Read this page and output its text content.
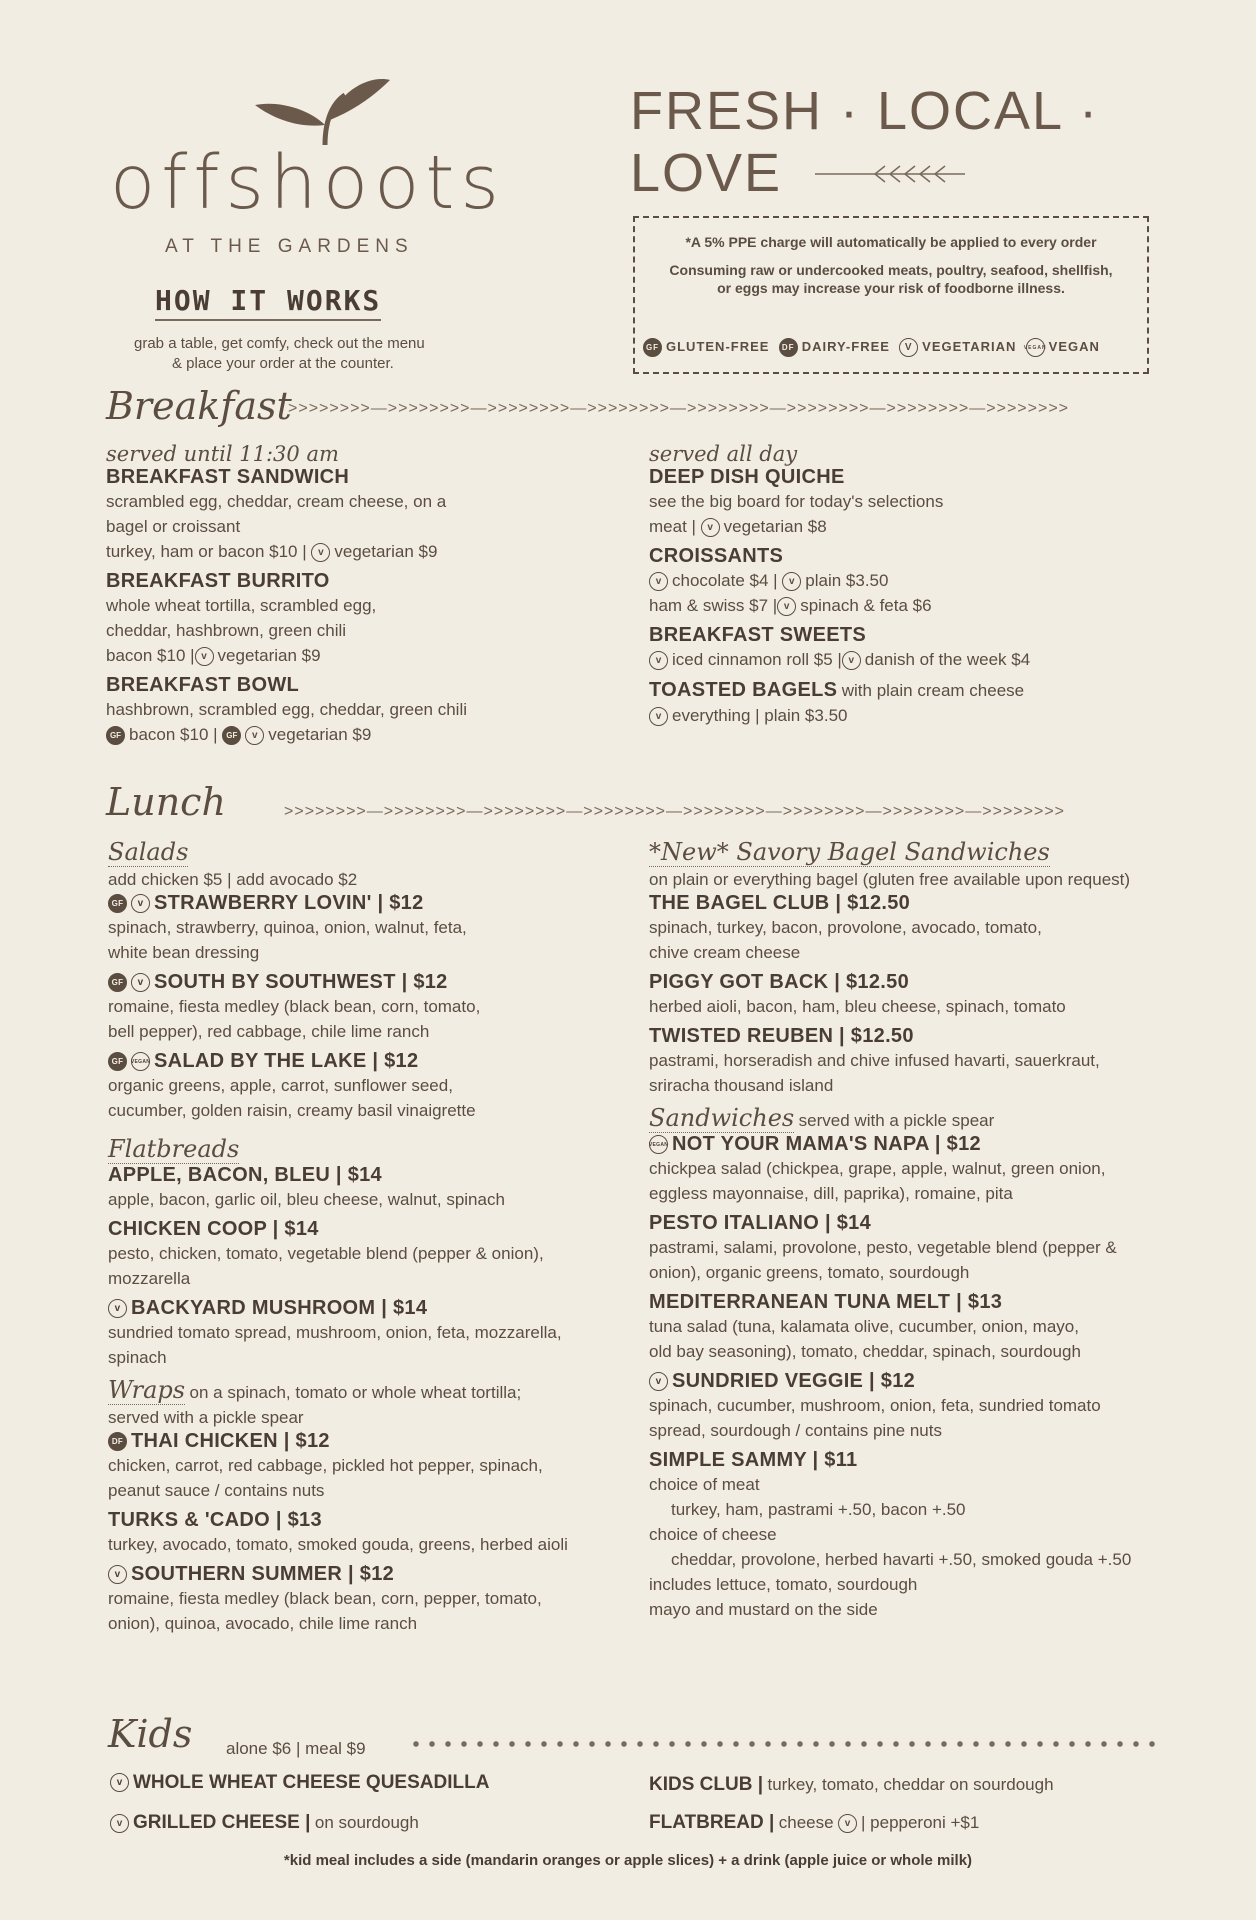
offshoots
AT THE GARDENS
HOW IT WORKS
grab a table, get comfy, check out the menu
& place your order at the counter.
FRESH · LOCAL · LOVE
*A 5% PPE charge will automatically be applied to every order
Consuming raw or undercooked meats, poultry, seafood, shellfish,
or eggs may increase your risk of foodborne illness.
GF GLUTEN-FREE DF DAIRY-FREE V VEGETARIAN VEGAN VEGAN
Breakfast
>>>>>>>>—>>>>>>>>—>>>>>>>>—>>>>>>>>—>>>>>>>>—>>>>>>>>—>>>>>>>>—>>>>>>>>
served until 11:30 am
BREAKFAST SANDWICH
scrambled egg, cheddar, cream cheese, on a
bagel or croissant
turkey, ham or bacon $10 | v vegetarian $9
BREAKFAST BURRITO
whole wheat tortilla, scrambled egg,
cheddar, hashbrown, green chili
bacon $10 | v vegetarian $9
BREAKFAST BOWL
hashbrown, scrambled egg, cheddar, green chili
GF bacon $10 | GF v vegetarian $9
served all day
DEEP DISH QUICHE
see the big board for today's selections
meat | v vegetarian $8
CROISSANTS
v chocolate $4 | v plain $3.50
ham & swiss $7 | v spinach & feta $6
BREAKFAST SWEETS
v iced cinnamon roll $5 | v danish of the week $4
TOASTED BAGELS with plain cream cheese
v everything | plain $3.50
Lunch	>>>>>>>>—>>>>>>>>—>>>>>>>>—>>>>>>>>—>>>>>>>>—>>>>>>>>—>>>>>>>>—>>>>>>>>
Salads
add chicken $5 | add avocado $2
GF v STRAWBERRY LOVIN' | $12
spinach, strawberry, quinoa, onion, walnut, feta,
white bean dressing
GF v SOUTH BY SOUTHWEST | $12
romaine, fiesta medley (black bean, corn, tomato,
bell pepper), red cabbage, chile lime ranch
GF VEGAN SALAD BY THE LAKE | $12
organic greens, apple, carrot, sunflower seed,
cucumber, golden raisin, creamy basil vinaigrette
Flatbreads
APPLE, BACON, BLEU | $14
apple, bacon, garlic oil, bleu cheese, walnut, spinach
CHICKEN COOP | $14
pesto, chicken, tomato, vegetable blend (pepper & onion),
mozzarella
v BACKYARD MUSHROOM | $14
sundried tomato spread, mushroom, onion, feta, mozzarella,
spinach
Wraps on a spinach, tomato or whole wheat tortilla;
served with a pickle spear
DF THAI CHICKEN | $12
chicken, carrot, red cabbage, pickled hot pepper, spinach,
peanut sauce / contains nuts
TURKS & 'CADO | $13
turkey, avocado, tomato, smoked gouda, greens, herbed aioli
v SOUTHERN SUMMER | $12
romaine, fiesta medley (black bean, corn, pepper, tomato,
onion), quinoa, avocado, chile lime ranch
*New* Savory Bagel Sandwiches
on plain or everything bagel (gluten free available upon request)
THE BAGEL CLUB | $12.50
spinach, turkey, bacon, provolone, avocado, tomato,
chive cream cheese
PIGGY GOT BACK | $12.50
herbed aioli, bacon, ham, bleu cheese, spinach, tomato
TWISTED REUBEN | $12.50
pastrami, horseradish and chive infused havarti, sauerkraut,
sriracha thousand island
Sandwiches served with a pickle spear
VEGAN NOT YOUR MAMA'S NAPA | $12
chickpea salad (chickpea, grape, apple, walnut, green onion,
eggless mayonnaise, dill, paprika), romaine, pita
PESTO ITALIANO | $14
pastrami, salami, provolone, pesto, vegetable blend (pepper &
onion), organic greens, tomato, sourdough
MEDITERRANEAN TUNA MELT | $13
tuna salad (tuna, kalamata olive, cucumber, onion, mayo,
old bay seasoning), tomato, cheddar, spinach, sourdough
v SUNDRIED VEGGIE | $12
spinach, cucumber, mushroom, onion, feta, sundried tomato
spread, sourdough / contains pine nuts
SIMPLE SAMMY | $11
choice of meat
turkey, ham, pastrami +.50, bacon +.50
choice of cheese
cheddar, provolone, herbed havarti +.50, smoked gouda +.50
includes lettuce, tomato, sourdough
mayo and mustard on the side
Kids alone $6 | meal $9
v WHOLE WHEAT CHEESE QUESADILLA
v GRILLED CHEESE | on sourdough
KIDS CLUB | turkey, tomato, cheddar on sourdough
FLATBREAD | cheese v | pepperoni +$1
*kid meal includes a side (mandarin oranges or apple slices) + a drink (apple juice or whole milk)
